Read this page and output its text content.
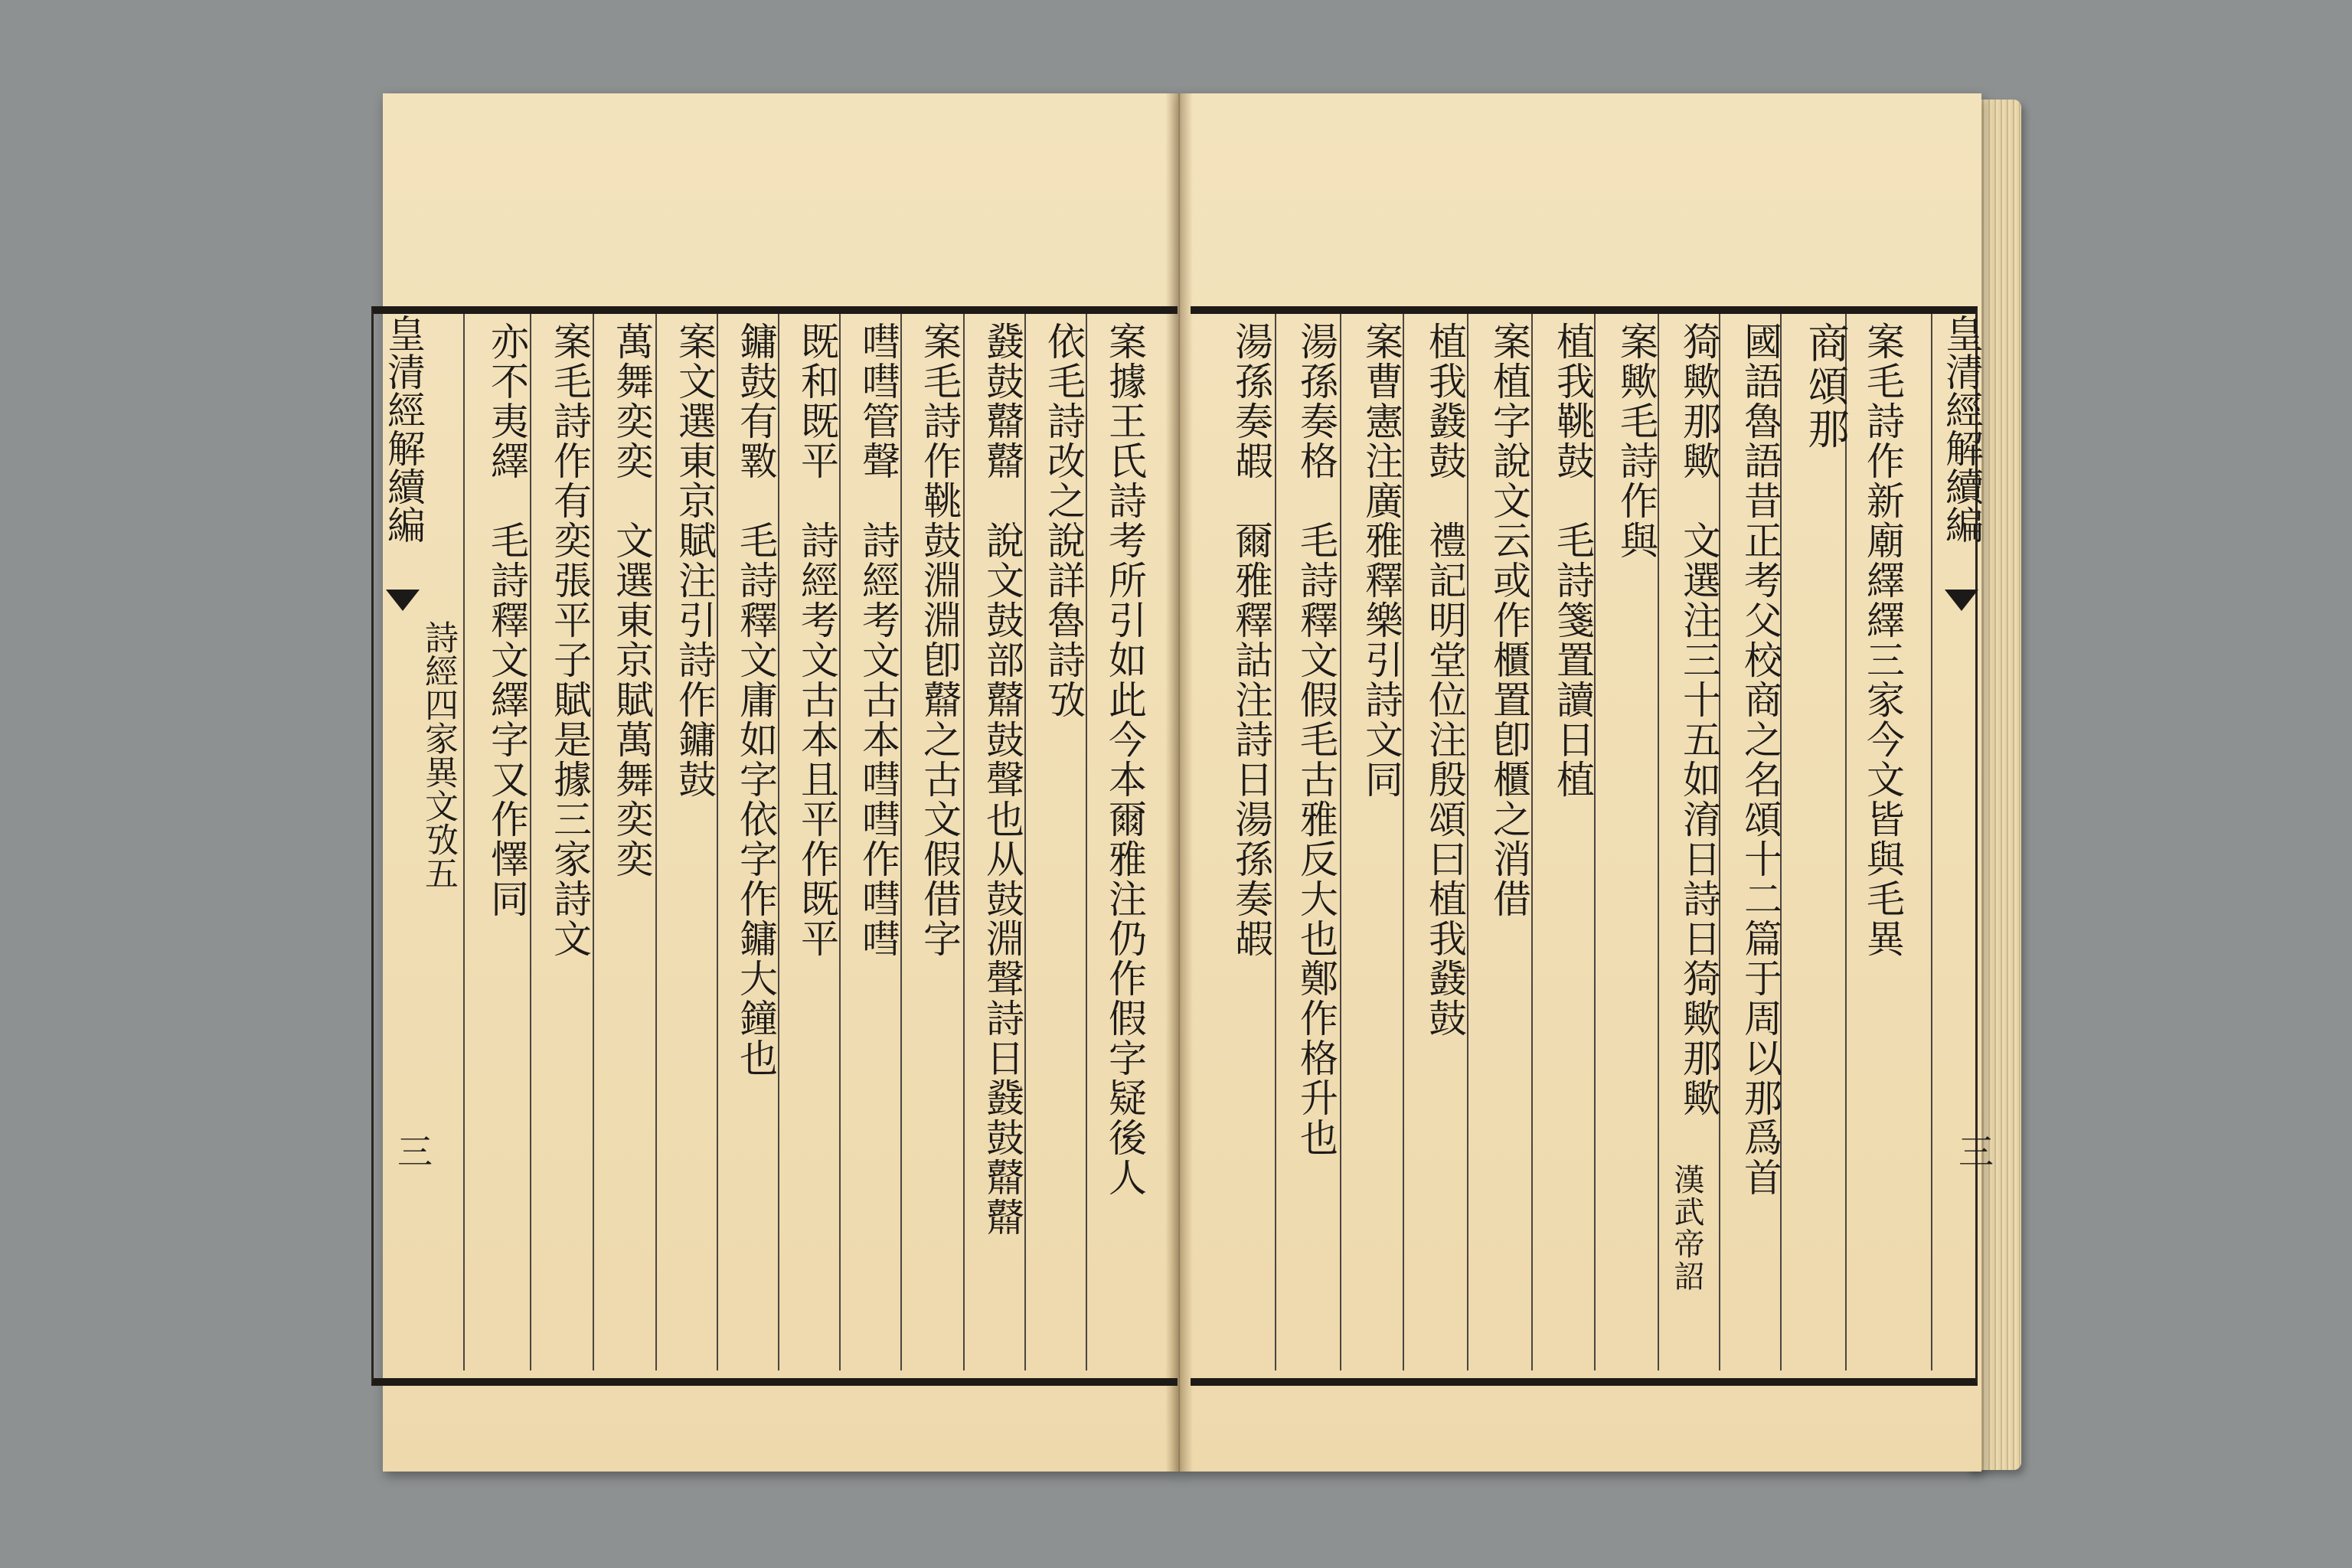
皇清經解續編
三
案毛詩作新廟繹繹三家今文皆與毛異
商頌那
國語魯語昔正考父校商之名頌十二篇于周以那爲首
猗歟那歟　文選注三十五如淯日詩日猗歟那歟
漢武帝詔
案歟毛詩作與
植我鞉鼓　毛詩箋置讀日植
案植字說文云或作櫃置卽櫃之消借
植我鼗鼓　禮記明堂位注殷頌曰植我鼗鼓
案曹憲注廣雅釋樂引詩文同
湯孫奏格　毛詩釋文假毛古雅反大也鄭作格升也
湯孫奏嘏　爾雅釋詁注詩日湯孫奏嘏
案據王氏詩考所引如此今本爾雅注仍作假字疑後人
依毛詩改之說詳魯詩攷
鼗鼓鼘鼘　說文鼓部鼘鼓聲也从鼓淵聲詩日鼗鼓鼘鼘
案毛詩作鞉鼓淵淵卽鼘之古文假借字
嘒嘒管聲　詩經考文古本嘒嘒作嘒嘒
既和既平　詩經考文古本且平作既平
鏞鼓有斁　毛詩釋文庸如字依字作鏞大鐘也
案文選東京賦注引詩作鏞鼓
萬舞奕奕　文選東京賦萬舞奕奕
案毛詩作有奕張平子賦是據三家詩文
亦不夷繹　毛詩釋文繹字又作懌同
皇清經解續編
詩經四家異文攷五
三
